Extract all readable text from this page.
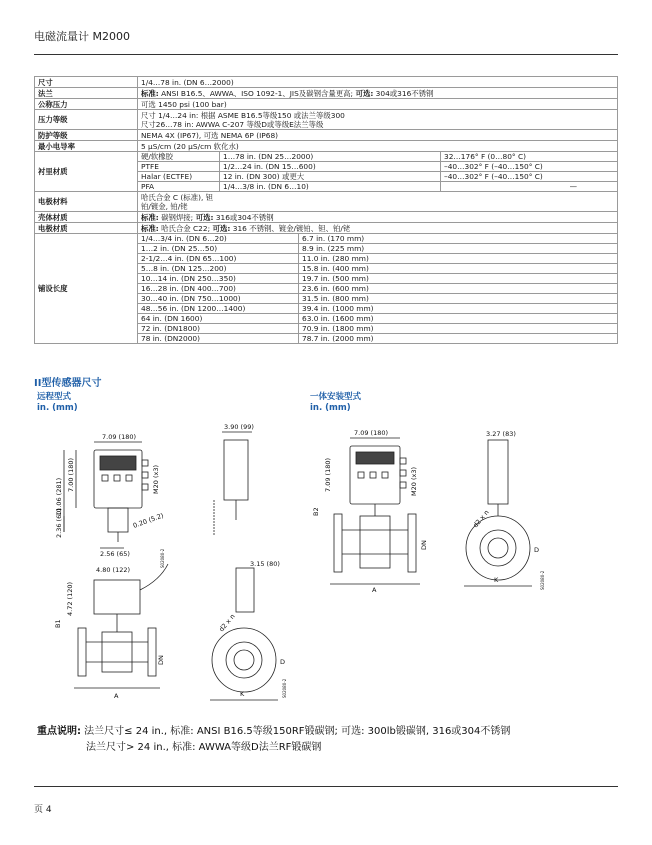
电磁流量计 M2000
尺寸	1/4…78 in. (DN 6…2000)
法兰	标准: ANSI B16.5、AWWA、ISO 1092-1、JIS及碳钢含量更高; 可选: 304或316不锈钢
公称压力	可选 1450 psi (100 bar)
压力等级	尺寸 1/4…24 in: 根据 ASME B16.5等级150 或法兰等级300
尺寸26…78 in: AWWA C-207 等级D或等级E法兰等级

防护等级	NEMA 4X (IP67), 可选 NEMA 6P (IP68)
最小电导率	5 μS/cm (20 μS/cm 软化水)
衬里材质	
硬/软橡胶	1…78 in. (DN 25…2000)	32…176° F (0…80° C)
PTFE	1/2…24 in. (DN 15…600)	–40…302° F (–40…150° C)
Halar (ECTFE)	12 in. (DN 300) 或更大	–40…302° F (–40…150° C)
PFA	1/4…3/8 in. (DN 6…10)	—

电极材料	哈氏合金 C (标准), 钽
铂/镀金, 铂/铑

壳体材质	标准: 碳钢焊接; 可选: 316或304不锈钢
电极材质	标准: 哈氏合金 C22; 可选: 316 不锈钢、镀金/镀铂、钽、铂/铑
铺设长度	
1/4…3/4 in. (DN 6…20)	6.7 in. (170 mm)
1…2 in. (DN 25…50)	8.9 in. (225 mm)
2-1/2…4 in. (DN 65…100)	11.0 in. (280 mm)
5…8 in. (DN 125…200)	15.8 in. (400 mm)
10…14 in. (DN 250…350)	19.7 in. (500 mm)
16…28 in. (DN 400…700)	23.6 in. (600 mm)
30…40 in. (DN 750…1000)	31.5 in. (800 mm)
48…56 in. (DN 1200…1400)	39.4 in. (1000 mm)
64 in. (DN 1600)	63.0 in. (1600 mm)
72 in. (DN1800)	70.9 in. (1800 mm)
78 in. (DN2000)	78.7 in. (2000 mm)
II型传感器尺寸
远程型式
in. (mm)
一体安装型式
in. (mm)
7.09 (180)
11.06 (281)
7.00 (180)	M20 (x3)
2.36 (60)	0.20 (5.2)
2.56 (65)
3.90 (99)
4.80 (122)
4.72 (120)
B1
DN
A
3.15 (80)
d2 x n
K
D
S02080-2
7.09 (180)
7.09 (180)
B2
M20 (x3)
DN
A
3.27 (83)
d2 x n
K
D
S02080-2
S02080-2
重点说明: 法兰尺寸≤ 24 in., 标准: ANSI B16.5等级150RF锻碳钢; 可选: 300lb锻碳钢, 316或304不锈钢
法兰尺寸> 24 in., 标准: AWWA等级D法兰RF锻碳钢
页 4
